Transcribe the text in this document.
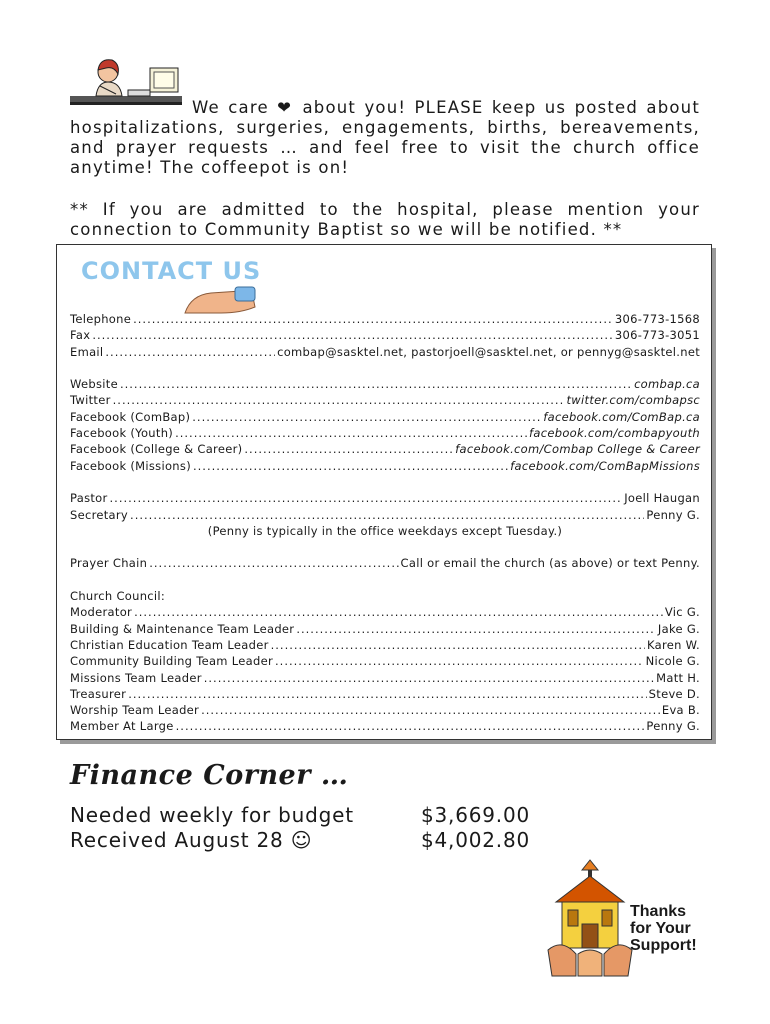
We care ❤ about you! PLEASE keep us posted about hospitalizations, surgeries, engagements, births, bereavements, and prayer requests … and feel free to visit the church office anytime! The coffeepot is on!

** If you are admitted to the hospital, please mention your connection to Community Baptist so we will be notified. **

CONTACT US
Telephone .....	306-773-1568
Fax .....	306-773-3051
Email .....	combap@sasktel.net, pastorjoell@sasktel.net, or pennyg@sasktel.net
Website .....	combap.ca
Twitter .....	twitter.com/combapsc
Facebook (ComBap) .....	facebook.com/ComBap.ca
Facebook (Youth) .....	facebook.com/combapyouth
Facebook (College & Career) .....	facebook.com/Combap College & Career
Facebook (Missions) .....	facebook.com/ComBapMissions
Pastor .....	Joell Haugan
Secretary .....	Penny G.
(Penny is typically in the office weekdays except Tuesday.)
Prayer Chain .....	Call or email the church (as above) or text Penny.
Church Council:
Moderator .....	Vic G.
Building & Maintenance Team Leader .....	Jake G.
Christian Education Team Leader .....	Karen W.
Community Building Team Leader .....	Nicole G.
Missions Team Leader .....	Matt H.
Treasurer .....	Steve D.
Worship Team Leader .....	Eva B.
Member At Large .....	Penny G.
Finance Corner …
Needed weekly for budget	$3,669.00
Received August 28 ☺	$4,002.80
Thanks
for Your
Support!
